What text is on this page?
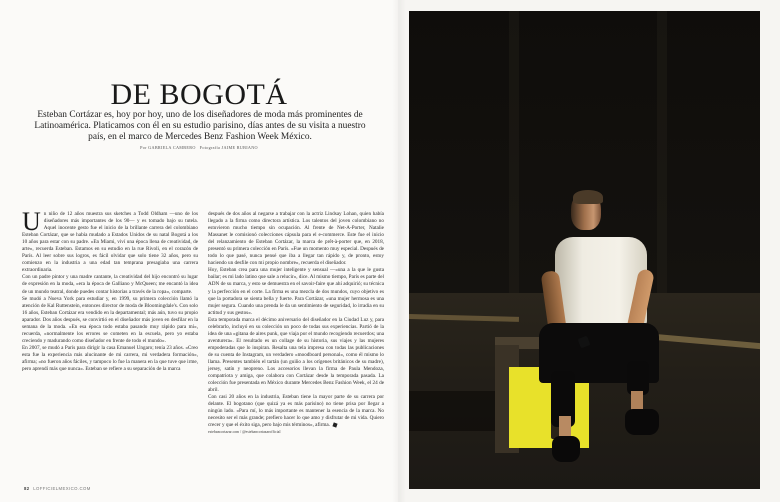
DE BOGOTÁ

Esteban Cortázar es, hoy por hoy, uno de los diseñadores de moda más prominentes de Latinoamérica. Platicamos con él en su estudio parisino, días antes de su visita a nuestro país, en el marco de Mercedes Benz Fashion Week México.

Por GABRIELA CAMBERO Fotografía JAIME RUBIANO

Un niño de 12 años muestra sus sketches a Todd Oldham —uno de los diseñadores más importantes de los 90— y es tomado bajo su tutela. Aquel inocente gesto fue el inicio de la brillante carrera del colombiano Esteban Cortázar, que se había mudado a Estados Unidos de su natal Bogotá a los 10 años para estar con su padre. «En Miami, viví una época llena de creatividad, de arte», recuerda Esteban. Estamos en su estudio en la rue Rivoli, en el corazón de París. Al leer sobre sus logros, es fácil olvidar que solo tiene 32 años, pero su comienzo en la industria a una edad tan temprana presagiaba una carrera extraordinaria.

Con un padre pintor y una madre cantante, la creatividad del hijo encontró su lugar de expresión en la moda, «era la época de Galliano y McQueen; me encantó la idea de un mundo teatral, donde puedes contar historias a través de la ropa», comparte.

Se mudó a Nueva York para estudiar y, en 1999, su primera colección llamó la atención de Kal Ruttenstein, entonces director de moda de Bloomingdale's. Con solo 16 años, Esteban Cortázar era vendido en la departamental; más aún, tuvo su propio aparador. Dos años después, se convirtió en el diseñador más joven en desfilar en la semana de la moda. «En esa época todo estaba pasando muy rápido para mí», recuerda, «normalmente los errores se cometen en la escuela, pero yo estaba creciendo y madurando como diseñador en frente de todo el mundo».

En 2007, se mudó a París para dirigir la casa Emanuel Ungaro; tenía 23 años. «Creo esta fue la experiencia más alucinante de mi carrera, mi verdadera formación», afirma; «no fueron años fáciles, y tampoco lo fue la manera en la que tuve que irme, pero aprendí más que nunca». Esteban se refiere a su separación de la marca

después de dos años al negarse a trabajar con la actriz Lindsay Lohan, quien había llegado a la firma como directora artística. Los talentos del joven colombiano no estuvieron mucho tiempo sin ocupación. Al frente de Net-A-Porter, Natalie Massanet le comisionó colecciones cápsula para el e-commerce. Este fue el inicio del relanzamiento de Esteban Cortázar, la marca de prêt-à-porter que, en 2018, presentó su primera colección en París. «Fue un momento muy especial. Después de todo lo que pasé, nunca pensé que iba a llegar tan rápido y, de pronto, estoy haciendo un desfile con mi propio nombre», recuerda el diseñador.

Hoy, Esteban crea para una mujer inteligente y sensual —«una a la que le gusta bailar; es mi lado latino que sale a relucir», dice. Al mismo tiempo, París es parte del ADN de su marca, y esto se demuestra en el savoir-faire que ahí adquirió; su técnica y la perfección en el corte. La firma es una mezcla de dos mundos, cuyo objetivo es que la portadora se sienta bella y fuerte. Para Cortázar, «una mujer hermosa es una mujer segura. Cuando una prenda le da un sentimiento de seguridad, lo irradia en su actitud y sus gestos».

Esta temporada marca el décimo aniversario del diseñador en la Ciudad Luz y, para celebrarlo, incluyó en su colección un poco de todas sus experiencias. Partió de la idea de una «gitana de aires punk, que viaja por el mundo recogiendo recuerdos; una aventurera». El resultado es un collage de su historia, sus viajes y las mujeres empoderadas que lo inspiran. Resalta una tela impresa con todas las publicaciones de su cuenta de Instagram, un verdadero «moodboard personal», como él mismo lo llama. Presentes también el tartán (un guiño a los orígenes británicos de su madre), jersey, satín y neopreno. Los accesorios llevan la firma de Paula Mendoza, compatriota y amiga, que colabora con Cortázar desde la temporada pasada. La colección fue presentada en México durante Mercedes Benz Fashion Week, el 24 de abril.

Con casi 20 años en la industria, Esteban tiene la mayor parte de su carrera por delante. El bogotano (que quizá ya es más parisino) no tiene prisa por llegar a ningún lado. «Para mí, lo más importante es mantener la esencia de la marca. No necesito ser el más grande; prefiero hacer lo que amo y disfrutar de mi vida. Quiero crecer y que el éxito siga, pero bajo mis términos», afirma.

estebancortazar.com / @estebancortazarofficial

82 LOFFICIELMEXICO.COM
